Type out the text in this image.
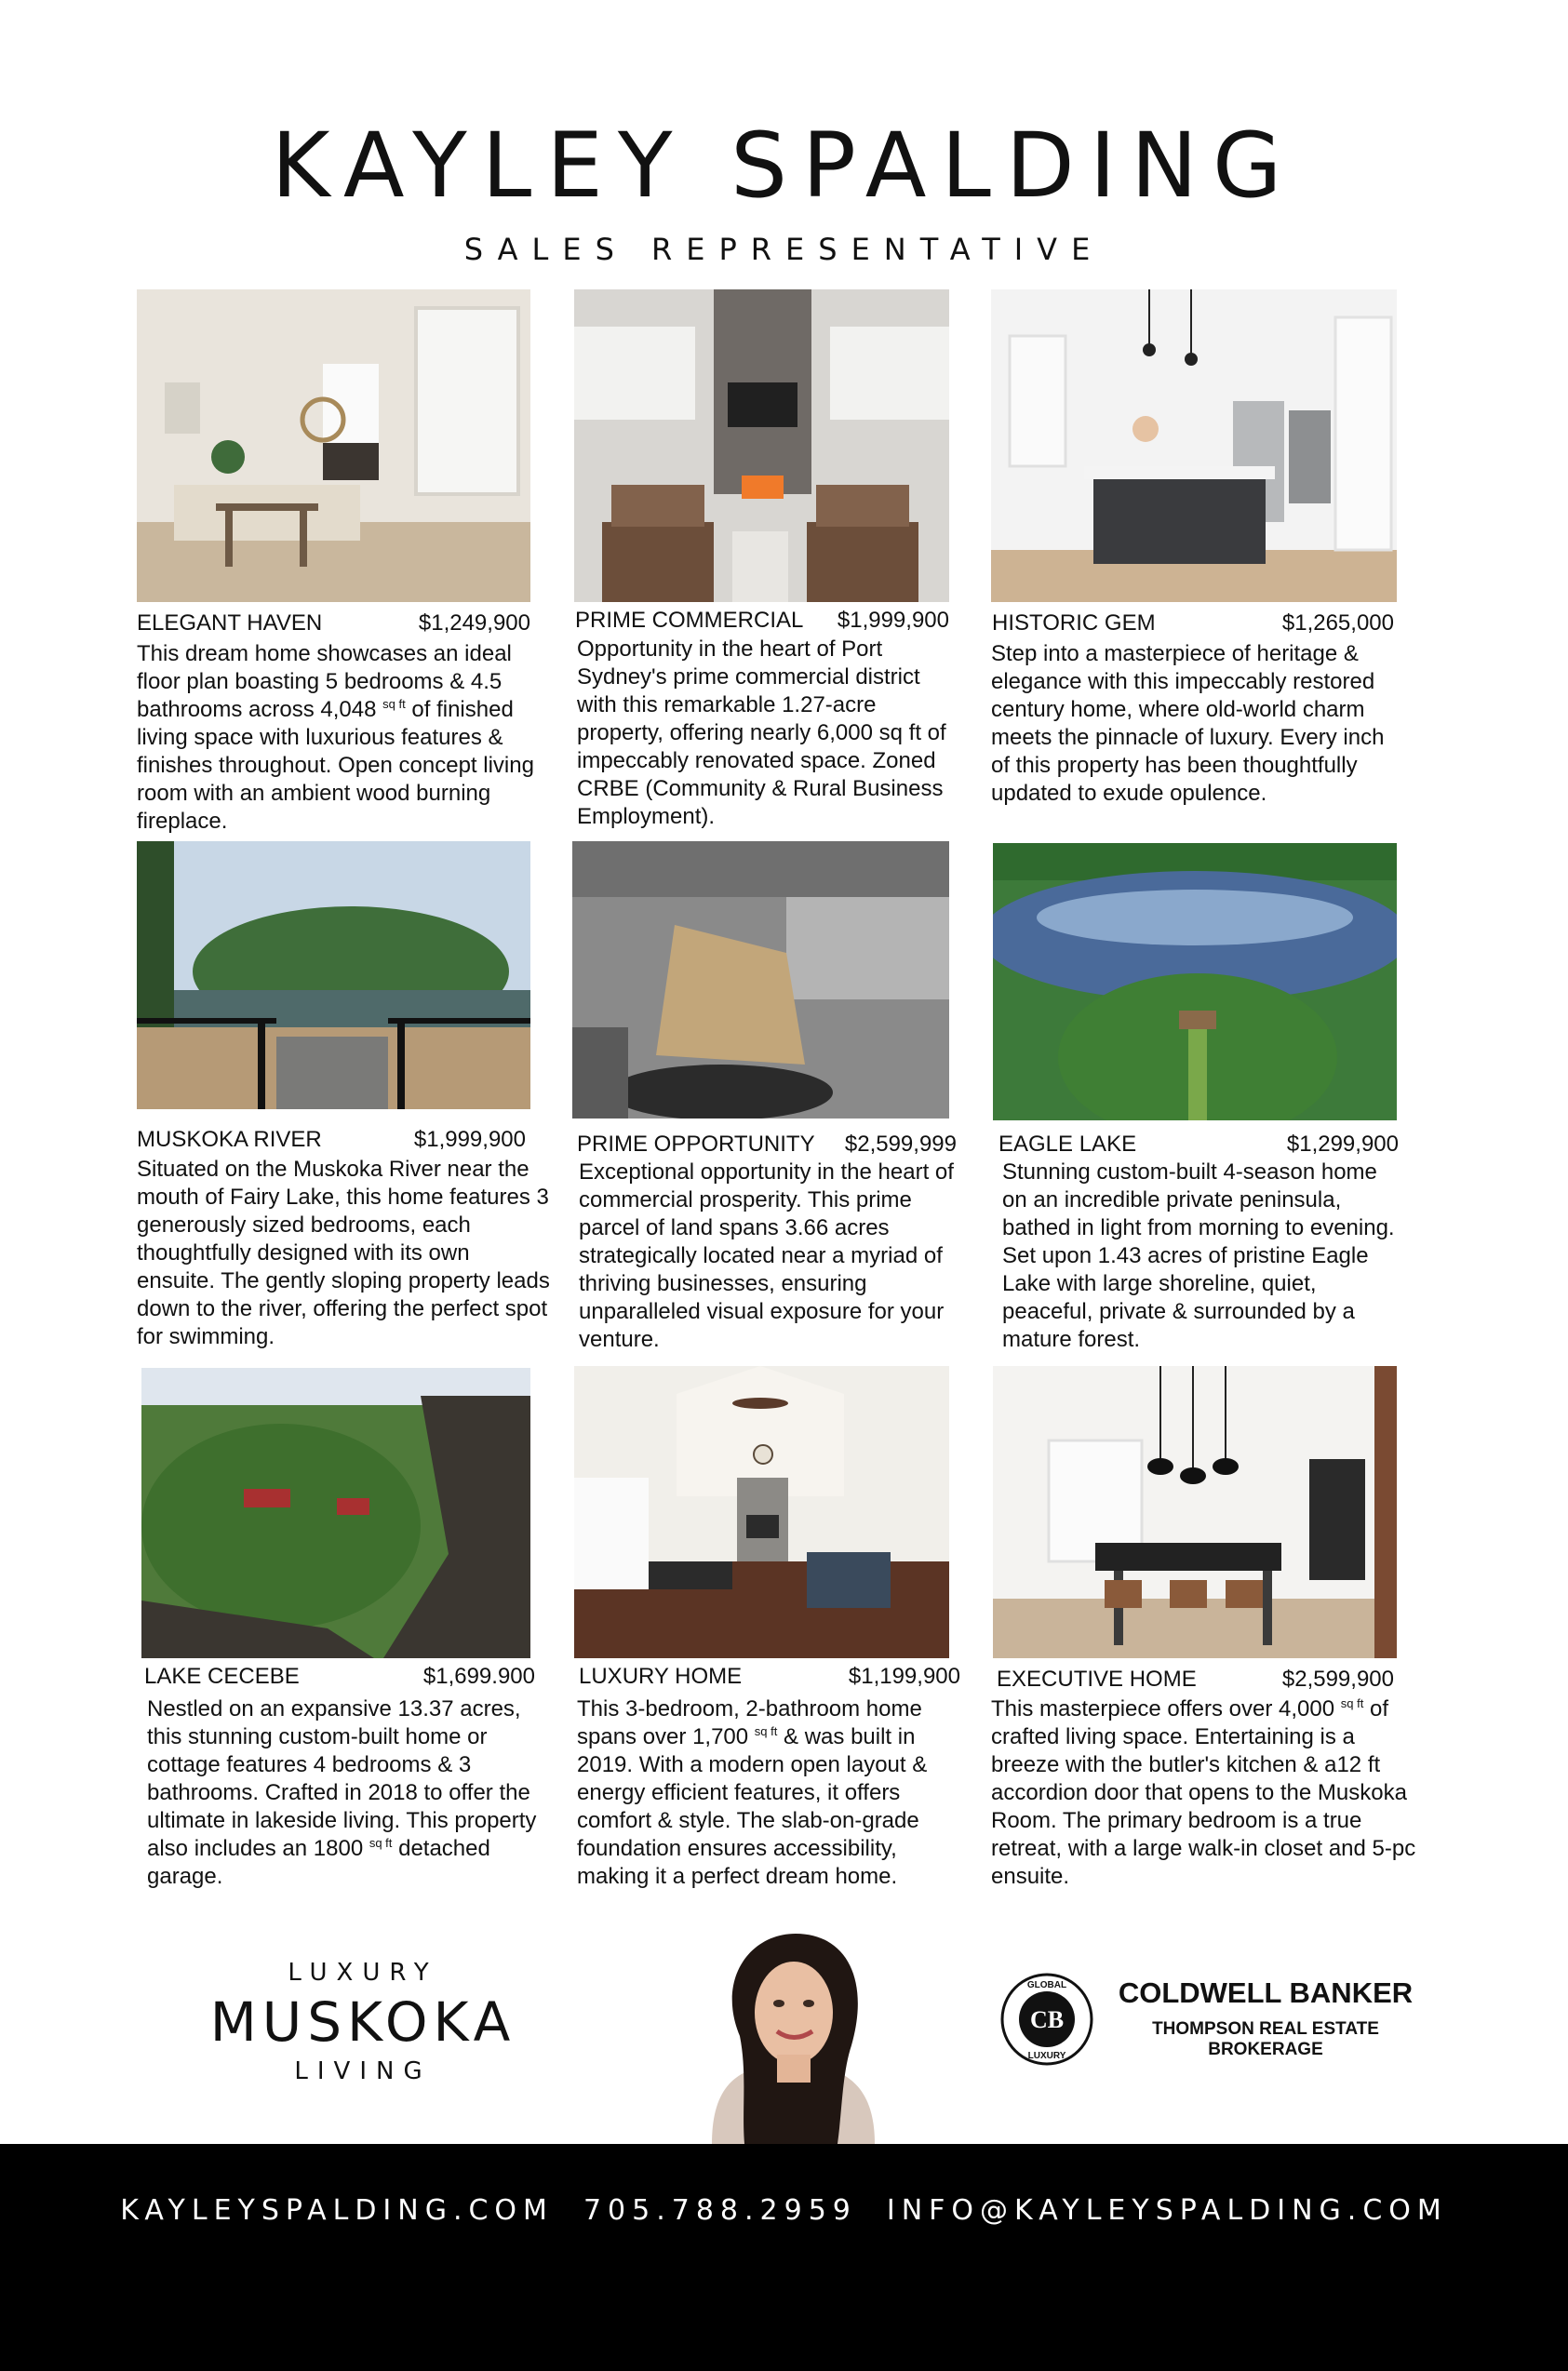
KAYLEY SPALDING
SALES REPRESENTATIVE
ELEGANT HAVEN	$1,249,900
This dream home showcases an ideal floor plan boasting 5 bedrooms & 4.5 bathrooms across 4,048 $^{sq ft}$ of finished living space with luxurious features & finishes throughout. Open concept living room with an ambient wood burning fireplace.
PRIME COMMERCIAL $1,999,900
Opportunity in the heart of Port Sydney's prime commercial district with this remarkable 1.27-acre property, offering nearly 6,000 sq ft of impeccably renovated space. Zoned CRBE (Community & Rural Business Employment).
HISTORIC GEM	$1,265,000
Step into a masterpiece of heritage & elegance with this impeccably restored century home, where old-world charm meets the pinnacle of luxury. Every inch of this property has been thoughtfully updated to exude opulence.
MUSKOKA RIVER	$1,999,900
Situated on the Muskoka River near the mouth of Fairy Lake, this home features 3 generously sized bedrooms, each thoughtfully designed with its own ensuite. The gently sloping property leads down to the river, offering the perfect spot for swimming.
PRIME OPPORTUNITY $2,599,999
Exceptional opportunity in the heart of commercial prosperity. This prime parcel of land spans 3.66 acres strategically located near a myriad of thriving businesses, ensuring unparalleled visual exposure for your venture.
EAGLE LAKE	$1,299,900
Stunning custom-built 4-season home on an incredible private peninsula, bathed in light from morning to evening. Set upon 1.43 acres of pristine Eagle Lake with large shoreline, quiet, peaceful, private & surrounded by a mature forest.
LAKE CECEBE	$1,699.900
Nestled on an expansive 13.37 acres, this stunning custom-built home or cottage features 4 bedrooms & 3 bathrooms. Crafted in 2018 to offer the ultimate in lakeside living. This property also includes an 1800 $^{sq ft}$ detached garage.
LUXURY HOME	$1,199,900
This 3-bedroom, 2-bathroom home spans over 1,700 $^{sq ft}$ & was built in 2019. With a modern open layout & energy efficient features, it offers comfort & style. The slab-on-grade foundation ensures accessibility, making it a perfect dream home.
EXECUTIVE HOME	$2,599,900
This masterpiece offers over 4,000 $^{sq ft}$ of crafted living space. Entertaining is a breeze with the butler's kitchen & a12 ft accordion door that opens to the Muskoka Room. The primary bedroom is a true retreat, with a large walk-in closet and 5-pc ensuite.
LUXURY
MUSKOKA
LIVING
CB
GLOBAL
LUXURY
COLDWELL BANKER
THOMPSON REAL ESTATE
BROKERAGE
KAYLEYSPALDING.COM 705.788.2959 INFO@KAYLEYSPALDING.COM
